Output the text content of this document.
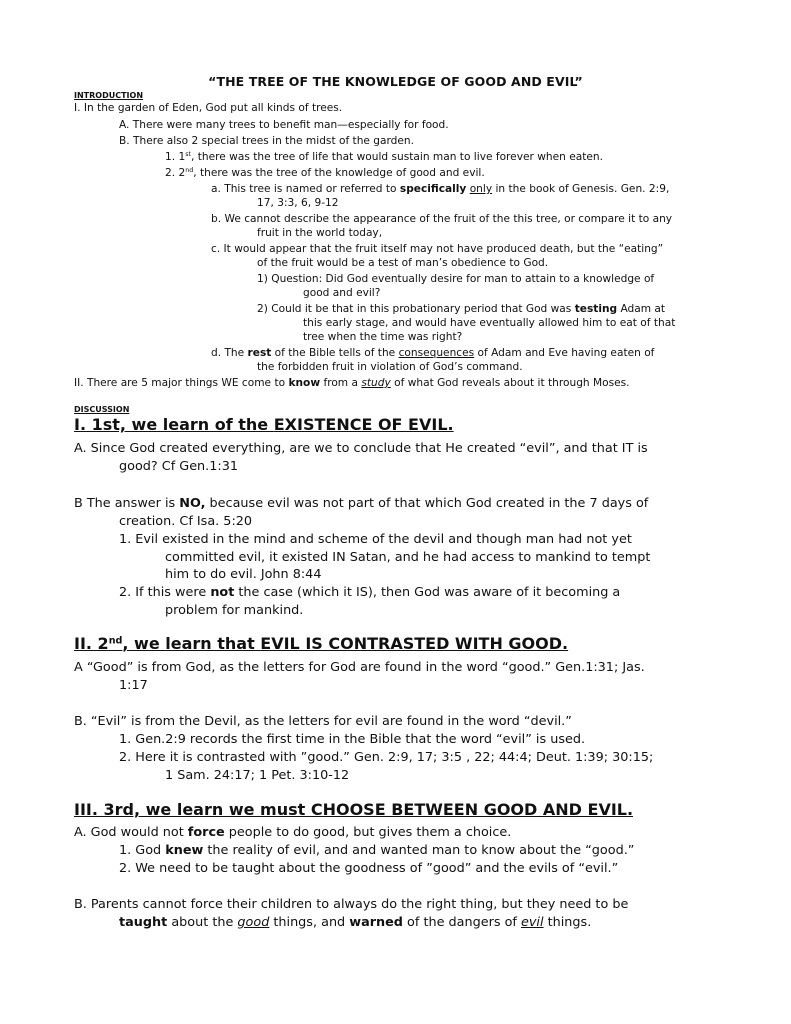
“THE TREE OF THE KNOWLEDGE OF GOOD AND EVIL”
INTRODUCTION
I. In the garden of Eden, God put all kinds of trees.
A. There were many trees to benefit man—especially for food.
B. There also 2 special trees in the midst of the garden.
1. 1st, there was the tree of life that would sustain man to live forever when eaten.
2. 2nd, there was the tree of the knowledge of good and evil.
a. This tree is named or referred to specifically only in the book of Genesis. Gen. 2:9,
17, 3:3, 6, 9-12
b. We cannot describe the appearance of the fruit of the this tree, or compare it to any
fruit in the world today,
c. It would appear that the fruit itself may not have produced death, but the “eating”
of the fruit would be a test of man’s obedience to God.
1) Question: Did God eventually desire for man to attain to a knowledge of
good and evil?
2) Could it be that in this probationary period that God was testing Adam at
this early stage, and would have eventually allowed him to eat of that
tree when the time was right?
d. The rest of the Bible tells of the consequences of Adam and Eve having eaten of
the forbidden fruit in violation of God’s command.
II. There are 5 major things WE come to know from a study of what God reveals about it through Moses.
DISCUSSION
I. 1st, we learn of the EXISTENCE OF EVIL.
A. Since God created everything, are we to conclude that He created “evil”, and that IT is
good? Cf Gen.1:31
B The answer is NO, because evil was not part of that which God created in the 7 days of
creation. Cf Isa. 5:20
1. Evil existed in the mind and scheme of the devil and though man had not yet
committed evil, it existed IN Satan, and he had access to mankind to tempt
him to do evil. John 8:44
2. If this were not the case (which it IS), then God was aware of it becoming a
problem for mankind.
II. 2nd, we learn that EVIL IS CONTRASTED WITH GOOD.
A “Good” is from God, as the letters for God are found in the word “good.” Gen.1:31; Jas.
1:17
B. “Evil” is from the Devil, as the letters for evil are found in the word “devil.”
1. Gen.2:9 records the first time in the Bible that the word “evil” is used.
2. Here it is contrasted with ”good.” Gen. 2:9, 17; 3:5 , 22; 44:4; Deut. 1:39; 30:15;
1 Sam. 24:17; 1 Pet. 3:10-12
III. 3rd, we learn we must CHOOSE BETWEEN GOOD AND EVIL.
A. God would not force people to do good, but gives them a choice.
1. God knew the reality of evil, and and wanted man to know about the “good.”
2. We need to be taught about the goodness of ”good” and the evils of “evil.”
B. Parents cannot force their children to always do the right thing, but they need to be
taught about the good things, and warned of the dangers of evil things.
